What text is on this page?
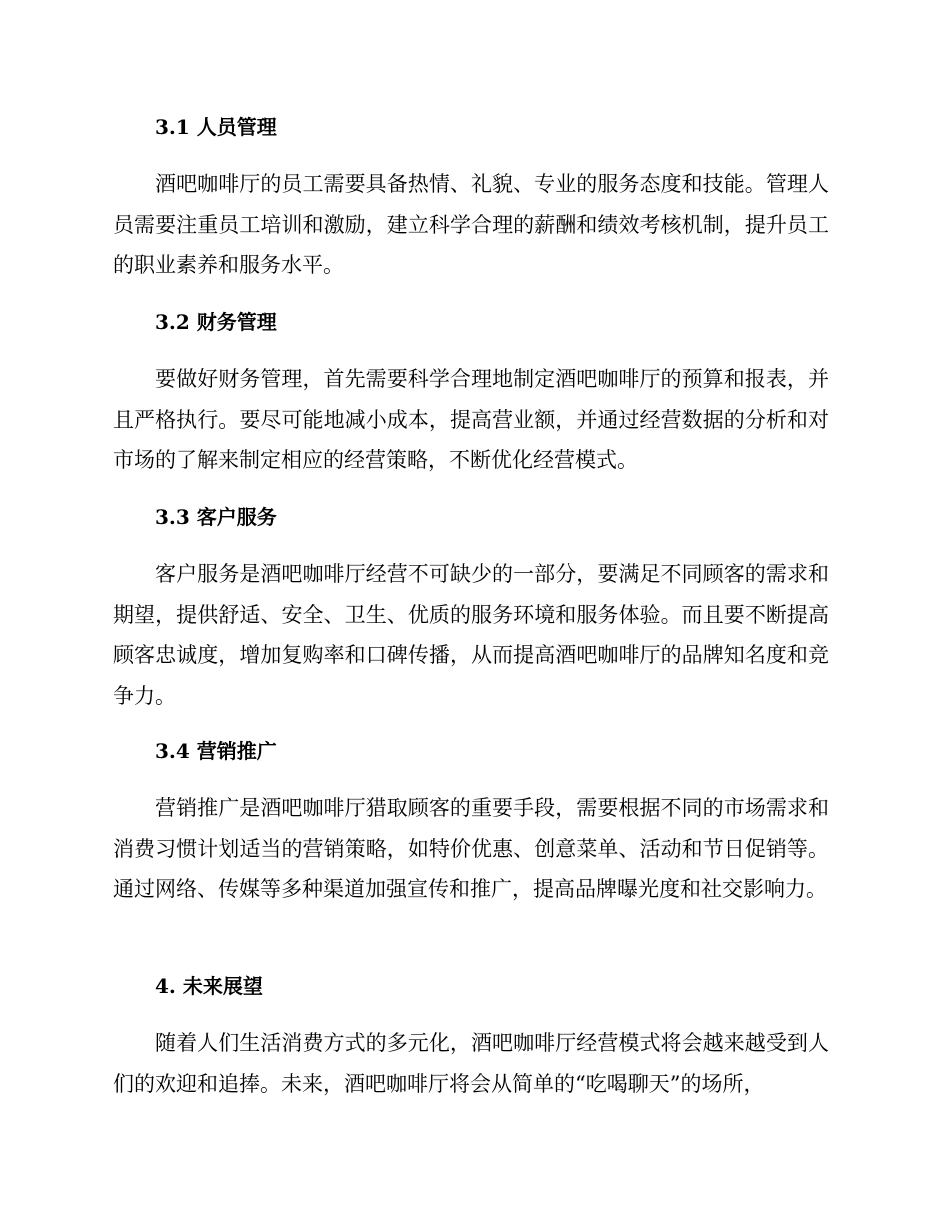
3.1 人员管理

酒吧咖啡厅的员工需要具备热情、礼貌、专业的服务态度和技能。管理人员需要注重员工培训和激励，建立科学合理的薪酬和绩效考核机制，提升员工的职业素养和服务水平。

3.2 财务管理

要做好财务管理，首先需要科学合理地制定酒吧咖啡厅的预算和报表，并且严格执行。要尽可能地减小成本，提高营业额，并通过经营数据的分析和对市场的了解来制定相应的经营策略，不断优化经营模式。

3.3 客户服务

客户服务是酒吧咖啡厅经营不可缺少的一部分，要满足不同顾客的需求和期望，提供舒适、安全、卫生、优质的服务环境和服务体验。而且要不断提高顾客忠诚度，增加复购率和口碑传播，从而提高酒吧咖啡厅的品牌知名度和竞争力。

3.4 营销推广

营销推广是酒吧咖啡厅猎取顾客的重要手段，需要根据不同的市场需求和消费习惯计划适当的营销策略，如特价优惠、创意菜单、活动和节日促销等。通过网络、传媒等多种渠道加强宣传和推广，提高品牌曝光度和社交影响力。

4. 未来展望

随着人们生活消费方式的多元化，酒吧咖啡厅经营模式将会越来越受到人们的欢迎和追捧。未来，酒吧咖啡厅将会从简单的“吃喝聊天”的场所，
